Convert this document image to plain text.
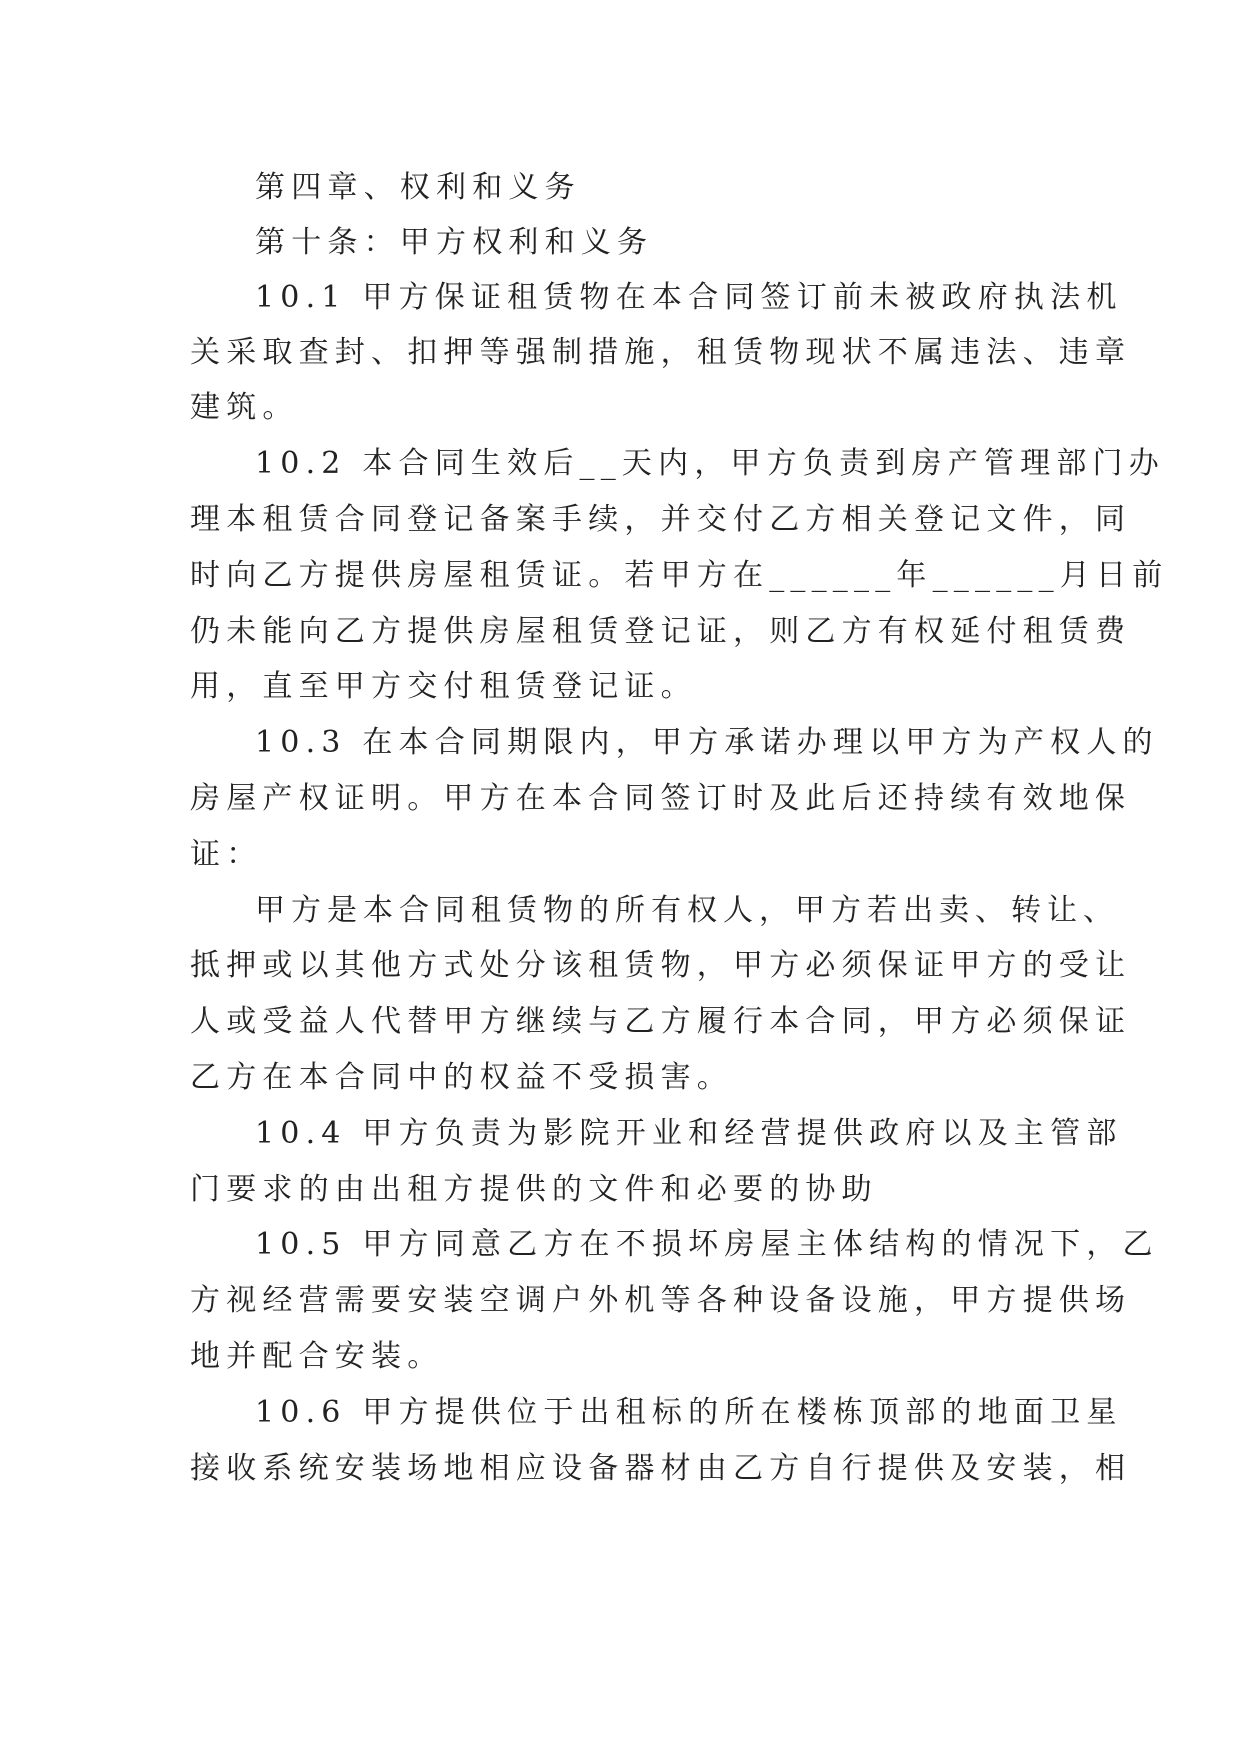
第四章、权利和义务
第十条：甲方权利和义务
10.1 甲方保证租赁物在本合同签订前未被政府执法机
关采取查封、扣押等强制措施，租赁物现状不属违法、违章
建筑。
10.2 本合同生效后__天内，甲方负责到房产管理部门办
理本租赁合同登记备案手续，并交付乙方相关登记文件，同
时向乙方提供房屋租赁证。若甲方在______年______月日前
仍未能向乙方提供房屋租赁登记证，则乙方有权延付租赁费
用，直至甲方交付租赁登记证。
10.3 在本合同期限内，甲方承诺办理以甲方为产权人的
房屋产权证明。甲方在本合同签订时及此后还持续有效地保
证：
甲方是本合同租赁物的所有权人，甲方若出卖、转让、
抵押或以其他方式处分该租赁物，甲方必须保证甲方的受让
人或受益人代替甲方继续与乙方履行本合同，甲方必须保证
乙方在本合同中的权益不受损害。
10.4 甲方负责为影院开业和经营提供政府以及主管部
门要求的由出租方提供的文件和必要的协助
10.5 甲方同意乙方在不损坏房屋主体结构的情况下，乙
方视经营需要安装空调户外机等各种设备设施，甲方提供场
地并配合安装。
10.6 甲方提供位于出租标的所在楼栋顶部的地面卫星
接收系统安装场地相应设备器材由乙方自行提供及安装，相
